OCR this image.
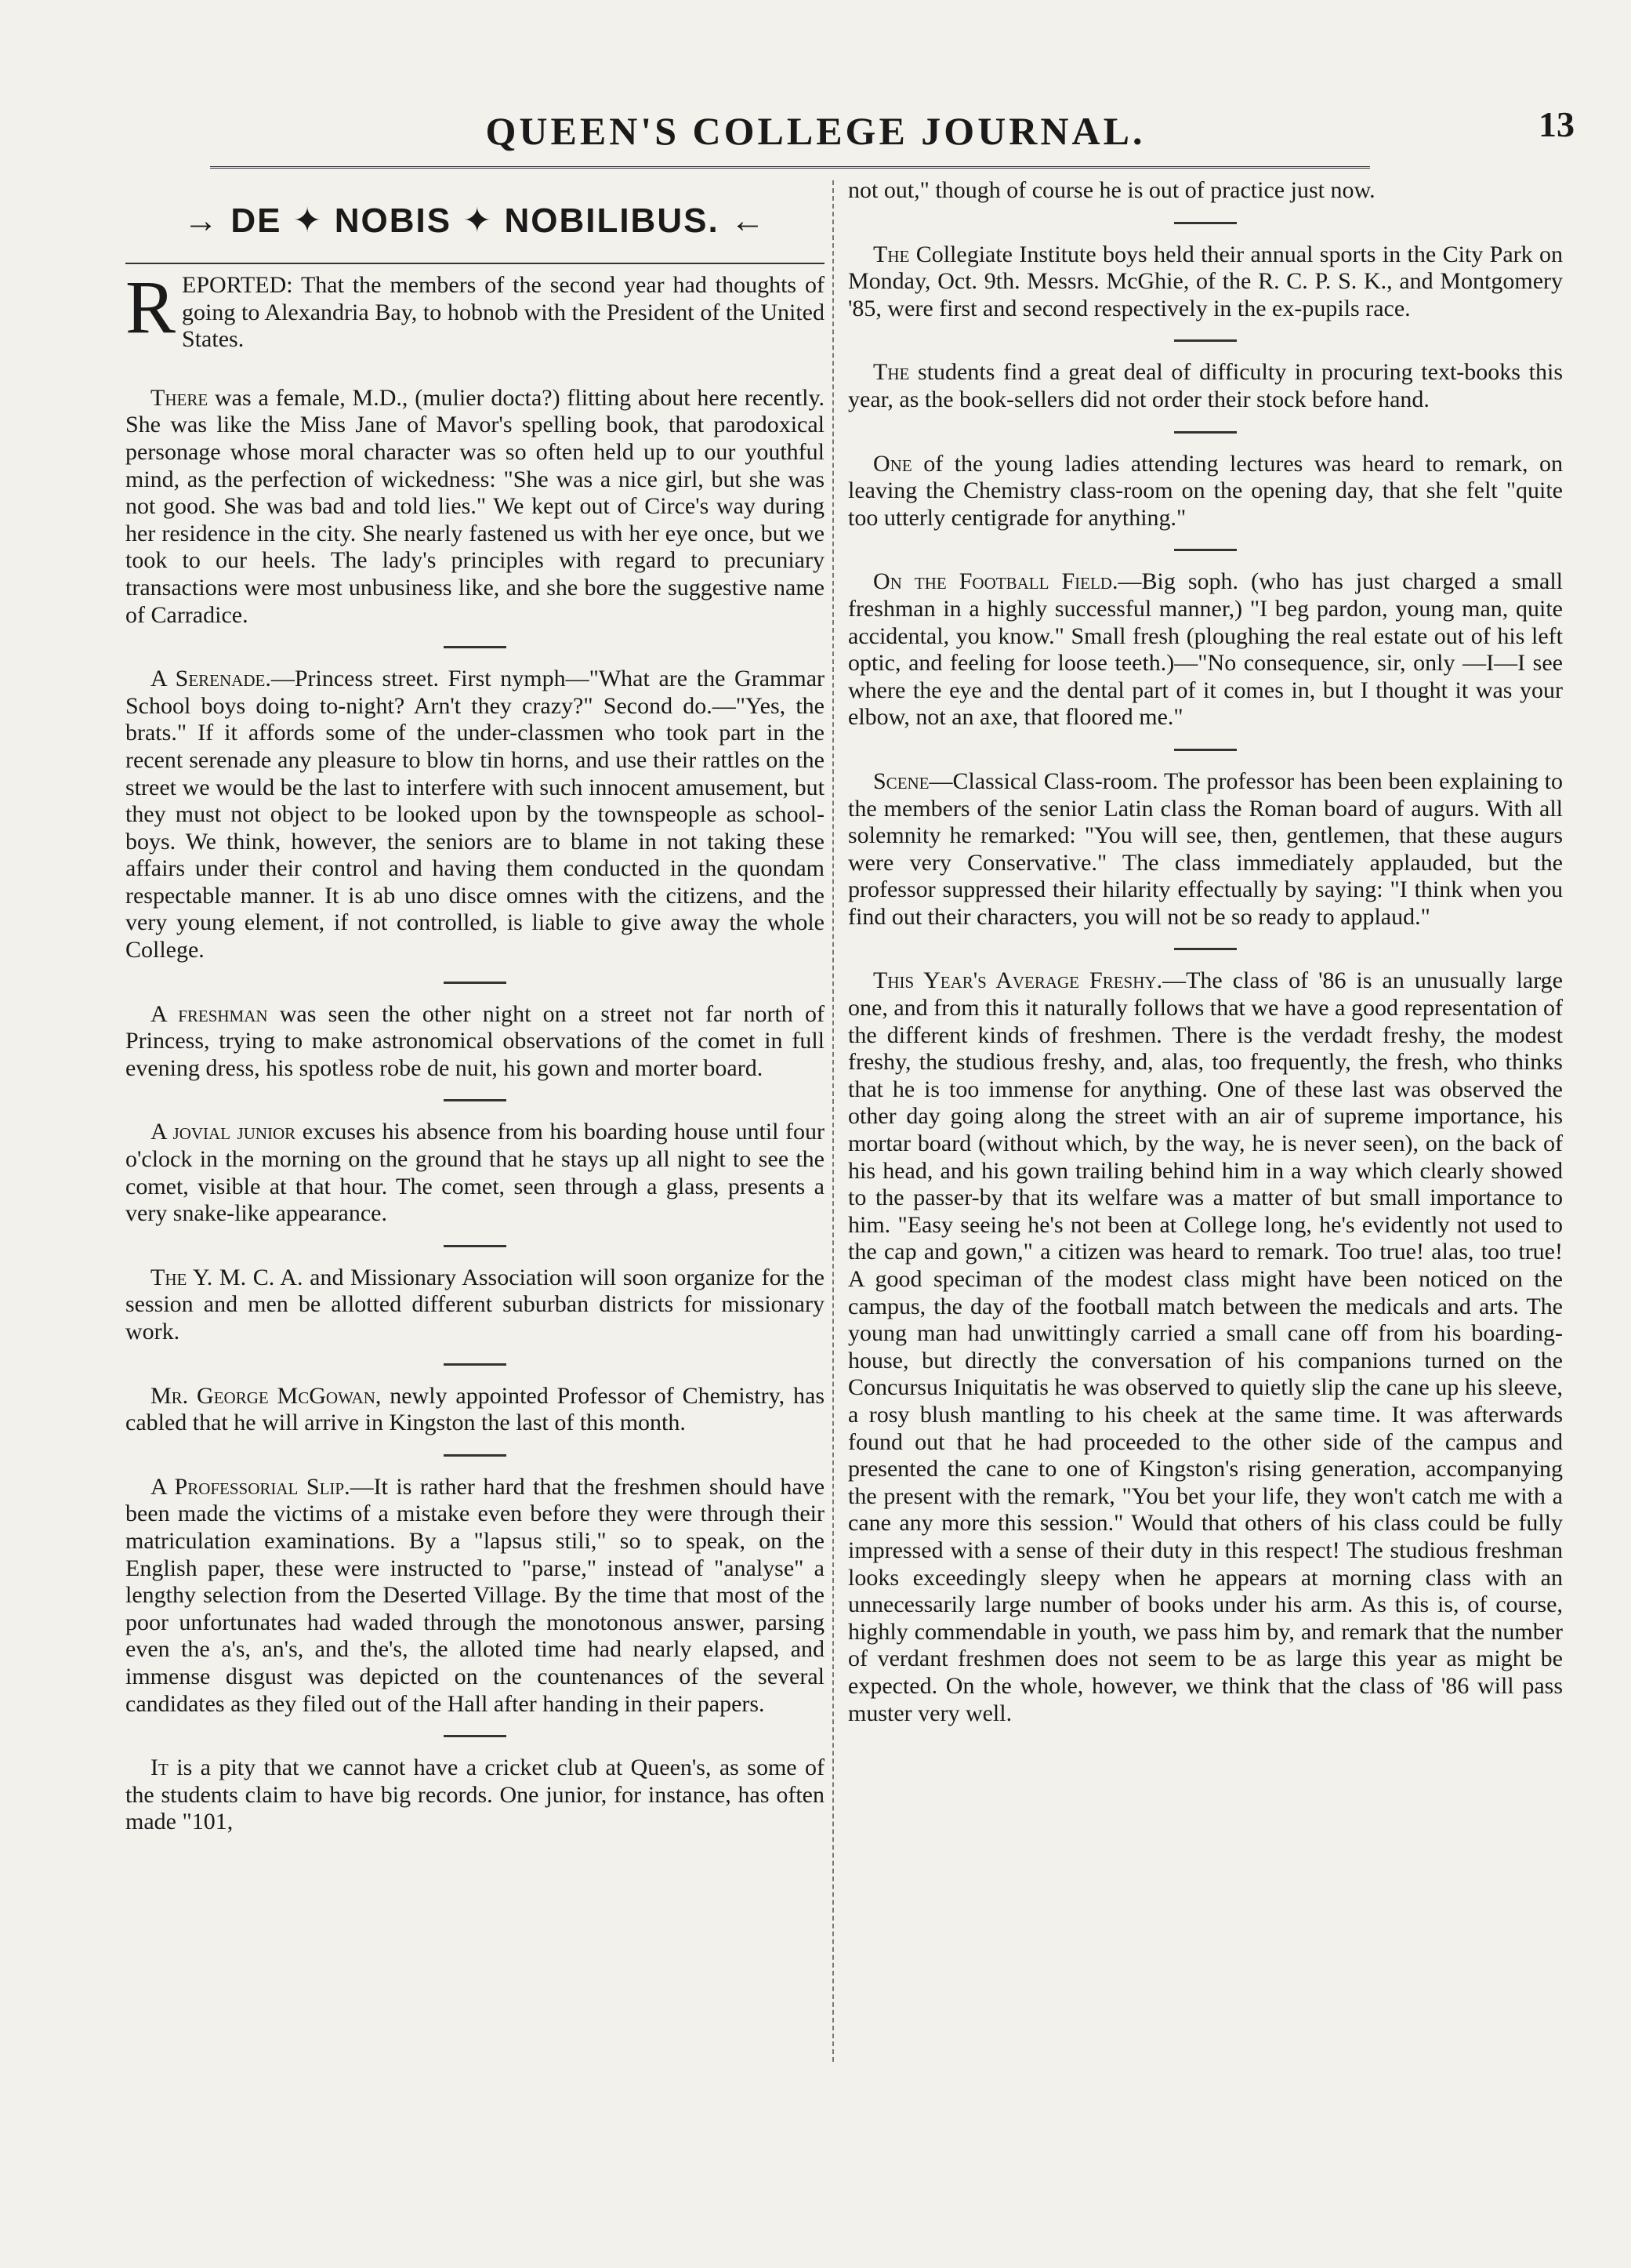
QUEEN'S COLLEGE JOURNAL.	13
→ DE ✦ NOBIS ✦ NOBILIBUS. ←

REPORTED: That the members of the second year had thoughts of going to Alexandria Bay, to hobnob with the President of the United States.

There was a female, M.D., (mulier docta?) flitting about here recently. She was like the Miss Jane of Mavor's spelling book, that parodoxical personage whose moral character was so often held up to our youthful mind, as the perfection of wickedness: "She was a nice girl, but she was not good. She was bad and told lies." We kept out of Circe's way during her residence in the city. She nearly fastened us with her eye once, but we took to our heels. The lady's principles with regard to precuniary transactions were most unbusiness like, and she bore the suggestive name of Carradice.

A Serenade.—Princess street. First nymph—"What are the Grammar School boys doing to-night? Arn't they crazy?" Second do.—"Yes, the brats." If it affords some of the under-classmen who took part in the recent serenade any pleasure to blow tin horns, and use their rattles on the street we would be the last to interfere with such innocent amusement, but they must not object to be looked upon by the townspeople as school-boys. We think, however, the seniors are to blame in not taking these affairs under their control and having them conducted in the quondam respectable manner. It is ab uno disce omnes with the citizens, and the very young element, if not controlled, is liable to give away the whole College.

A freshman was seen the other night on a street not far north of Princess, trying to make astronomical observations of the comet in full evening dress, his spotless robe de nuit, his gown and morter board.

A jovial junior excuses his absence from his boarding house until four o'clock in the morning on the ground that he stays up all night to see the comet, visible at that hour. The comet, seen through a glass, presents a very snake-like appearance.

The Y. M. C. A. and Missionary Association will soon organize for the session and men be allotted different suburban districts for missionary work.

Mr. George McGowan, newly appointed Professor of Chemistry, has cabled that he will arrive in Kingston the last of this month.

A Professorial Slip.—It is rather hard that the freshmen should have been made the victims of a mistake even before they were through their matriculation examinations. By a "lapsus stili," so to speak, on the English paper, these were instructed to "parse," instead of "analyse" a lengthy selection from the Deserted Village. By the time that most of the poor unfortunates had waded through the monotonous answer, parsing even the a's, an's, and the's, the alloted time had nearly elapsed, and immense disgust was depicted on the countenances of the several candidates as they filed out of the Hall after handing in their papers.

It is a pity that we cannot have a cricket club at Queen's, as some of the students claim to have big records. One junior, for instance, has often made "101,

not out," though of course he is out of practice just now.

The Collegiate Institute boys held their annual sports in the City Park on Monday, Oct. 9th. Messrs. McGhie, of the R. C. P. S. K., and Montgomery '85, were first and second respectively in the ex-pupils race.

The students find a great deal of difficulty in procuring text-books this year, as the book-sellers did not order their stock before hand.

One of the young ladies attending lectures was heard to remark, on leaving the Chemistry class-room on the opening day, that she felt "quite too utterly centigrade for anything."

On the Football Field.—Big soph. (who has just charged a small freshman in a highly successful manner,) "I beg pardon, young man, quite accidental, you know." Small fresh (ploughing the real estate out of his left optic, and feeling for loose teeth.)—"No consequence, sir, only —I—I see where the eye and the dental part of it comes in, but I thought it was your elbow, not an axe, that floored me."

Scene—Classical Class-room. The professor has been been explaining to the members of the senior Latin class the Roman board of augurs. With all solemnity he remarked: "You will see, then, gentlemen, that these augurs were very Conservative." The class immediately applauded, but the professor suppressed their hilarity effectually by saying: "I think when you find out their characters, you will not be so ready to applaud."

This Year's Average Freshy.—The class of '86 is an unusually large one, and from this it naturally follows that we have a good representation of the different kinds of freshmen. There is the verdadt freshy, the modest freshy, the studious freshy, and, alas, too frequently, the fresh, who thinks that he is too immense for anything. One of these last was observed the other day going along the street with an air of supreme importance, his mortar board (without which, by the way, he is never seen), on the back of his head, and his gown trailing behind him in a way which clearly showed to the passer-by that its welfare was a matter of but small importance to him. "Easy seeing he's not been at College long, he's evidently not used to the cap and gown," a citizen was heard to remark. Too true! alas, too true! A good speciman of the modest class might have been noticed on the campus, the day of the football match between the medicals and arts. The young man had unwittingly carried a small cane off from his boarding-house, but directly the conversation of his companions turned on the Concursus Iniquitatis he was observed to quietly slip the cane up his sleeve, a rosy blush mantling to his cheek at the same time. It was afterwards found out that he had proceeded to the other side of the campus and presented the cane to one of Kingston's rising generation, accompanying the present with the remark, "You bet your life, they won't catch me with a cane any more this session." Would that others of his class could be fully impressed with a sense of their duty in this respect! The studious freshman looks exceedingly sleepy when he appears at morning class with an unnecessarily large number of books under his arm. As this is, of course, highly commendable in youth, we pass him by, and remark that the number of verdant freshmen does not seem to be as large this year as might be expected. On the whole, however, we think that the class of '86 will pass muster very well.
